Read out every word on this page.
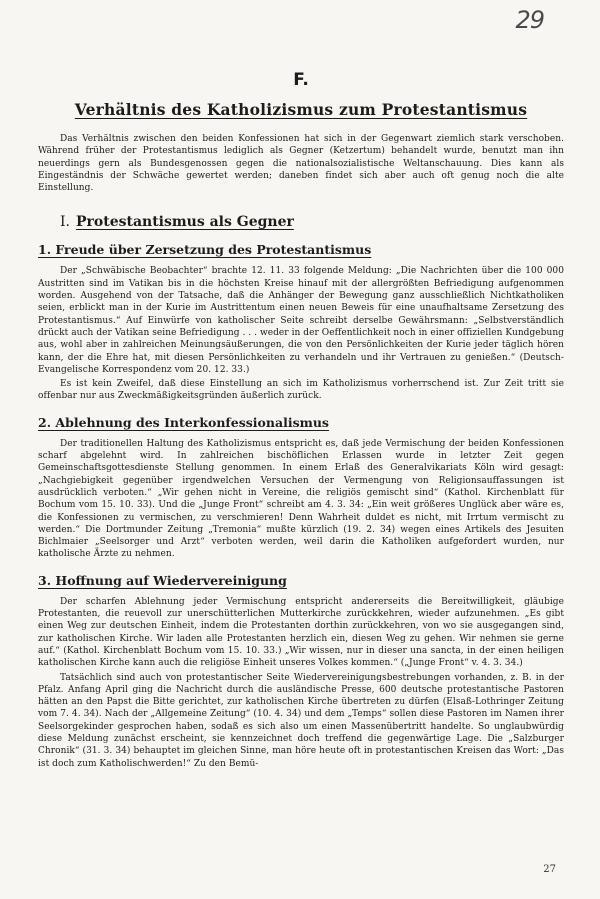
29
F.
Verhältnis des Katholizismus zum Protestantismus

Das Verhältnis zwischen den beiden Konfessionen hat sich in der Gegenwart ziemlich stark verschoben. Während früher der Protestantismus lediglich als Gegner (Ketzertum) behandelt wurde, benutzt man ihn neuerdings gern als Bundesgenossen gegen die nationalsozialistische Weltanschauung. Dies kann als Eingeständnis der Schwäche gewertet werden; daneben findet sich aber auch oft genug noch die alte Einstellung.

I. Protestantismus als Gegner
1. Freude über Zersetzung des Protestantismus

Der „Schwäbische Beobachter“ brachte 12. 11. 33 folgende Meldung: „Die Nachrichten über die 100 000 Austritten sind im Vatikan bis in die höchsten Kreise hinauf mit der allergrößten Befriedigung aufgenommen worden. Ausgehend von der Tatsache, daß die Anhänger der Bewegung ganz ausschließlich Nichtkatholiken seien, erblickt man in der Kurie im Austrittentum einen neuen Beweis für eine unaufhaltsame Zersetzung des Protestantismus.“ Auf Einwürfe von katholischer Seite schreibt derselbe Gewährsmann: „Selbstverständlich drückt auch der Vatikan seine Befriedigung . . . weder in der Oeffentlichkeit noch in einer offiziellen Kundgebung aus, wohl aber in zahlreichen Meinungsäußerungen, die von den Persönlichkeiten der Kurie jeder täglich hören kann, der die Ehre hat, mit diesen Persönlichkeiten zu verhandeln und ihr Vertrauen zu genießen.“ (Deutsch-Evangelische Korrespondenz vom 20. 12. 33.)

Es ist kein Zweifel, daß diese Einstellung an sich im Katholizismus vorherrschend ist. Zur Zeit tritt sie offenbar nur aus Zweckmäßigkeitsgründen äußerlich zurück.

2. Ablehnung des Interkonfessionalismus

Der traditionellen Haltung des Katholizismus entspricht es, daß jede Vermischung der beiden Konfessionen scharf abgelehnt wird. In zahlreichen bischöflichen Erlassen wurde in letzter Zeit gegen Gemeinschaftsgottesdienste Stellung genommen. In einem Erlaß des Generalvikariats Köln wird gesagt: „Nachgiebigkeit gegenüber irgendwelchen Versuchen der Vermengung von Religionsauffassungen ist ausdrücklich verboten.“ „Wir gehen nicht in Vereine, die religiös gemischt sind“ (Kathol. Kirchenblatt für Bochum vom 15. 10. 33). Und die „Junge Front“ schreibt am 4. 3. 34: „Ein weit größeres Unglück aber wäre es, die Konfessionen zu vermischen, zu verschmieren! Denn Wahrheit duldet es nicht, mit Irrtum vermischt zu werden.“ Die Dortmunder Zeitung „Tremonia“ mußte kürzlich (19. 2. 34) wegen eines Artikels des Jesuiten Bichlmaier „Seelsorger und Arzt“ verboten werden, weil darin die Katholiken aufgefordert wurden, nur katholische Ärzte zu nehmen.

3. Hoffnung auf Wiedervereinigung

Der scharfen Ablehnung jeder Vermischung entspricht andererseits die Bereitwilligkeit, gläubige Protestanten, die reuevoll zur unerschütterlichen Mutterkirche zurückkehren, wieder aufzunehmen. „Es gibt einen Weg zur deutschen Einheit, indem die Protestanten dorthin zurückkehren, von wo sie ausgegangen sind, zur katholischen Kirche. Wir laden alle Protestanten herzlich ein, diesen Weg zu gehen. Wir nehmen sie gerne auf.“ (Kathol. Kirchenblatt Bochum vom 15. 10. 33.) „Wir wissen, nur in dieser una sancta, in der einen heiligen katholischen Kirche kann auch die religiöse Einheit unseres Volkes kommen.“ („Junge Front“ v. 4. 3. 34.)

Tatsächlich sind auch von protestantischer Seite Wiedervereinigungsbestrebungen vorhanden, z. B. in der Pfalz. Anfang April ging die Nachricht durch die ausländische Presse, 600 deutsche protestantische Pastoren hätten an den Papst die Bitte gerichtet, zur katholischen Kirche übertreten zu dürfen (Elsaß-Lothringer Zeitung vom 7. 4. 34). Nach der „Allgemeine Zeitung“ (10. 4. 34) und dem „Temps“ sollen diese Pastoren im Namen ihrer Seelsorgekinder gesprochen haben, sodaß es sich also um einen Massenübertritt handelte. So unglaubwürdig diese Meldung zunächst erscheint, sie kennzeichnet doch treffend die gegenwärtige Lage. Die „Salzburger Chronik“ (31. 3. 34) behauptet im gleichen Sinne, man höre heute oft in protestantischen Kreisen das Wort: „Das ist doch zum Katholischwerden!“ Zu den Bemü-

27
